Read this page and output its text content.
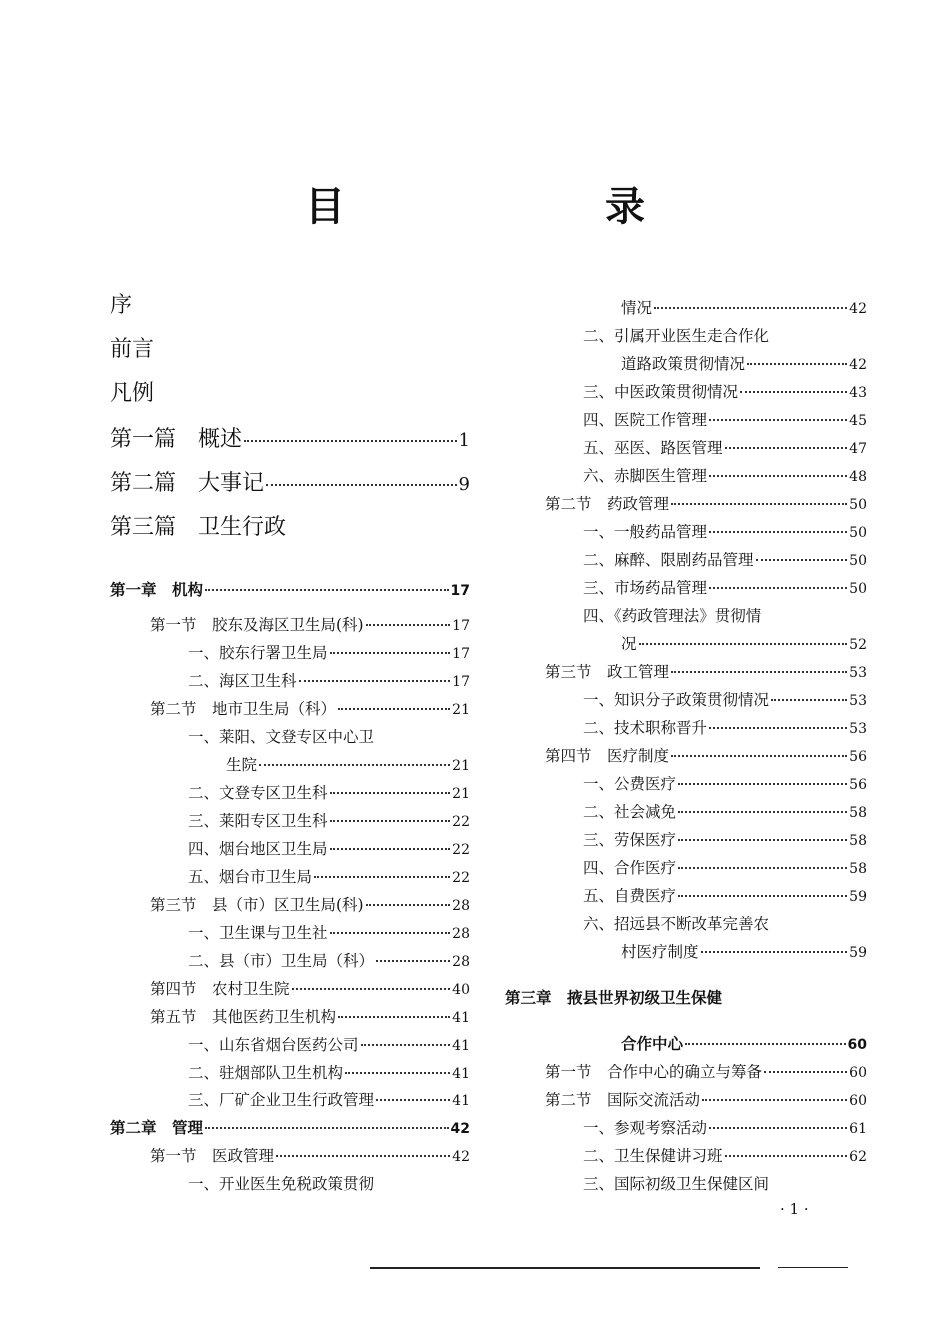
目　录
序
前言
凡例
第一篇　概述	1
第二篇　大事记	9
第三篇　卫生行政
第一章　机构	17
第一节　胶东及海区卫生局(科)	17
一、胶东行署卫生局	17
二、海区卫生科	17
第二节　地市卫生局（科）	21
一、莱阳、文登专区中心卫
生院	21
二、文登专区卫生科	21
三、莱阳专区卫生科	22
四、烟台地区卫生局	22
五、烟台市卫生局	22
第三节　县（市）区卫生局(科)	28
一、卫生课与卫生社	28
二、县（市）卫生局（科）	28
第四节　农村卫生院	40
第五节　其他医药卫生机构	41
一、山东省烟台医药公司	41
二、驻烟部队卫生机构	41
三、厂矿企业卫生行政管理	41
第二章　管理	42
第一节　医政管理	42
一、开业医生免税政策贯彻
情况	42
二、引属开业医生走合作化
道路政策贯彻情况	42
三、中医政策贯彻情况	43
四、医院工作管理	45
五、巫医、路医管理	47
六、赤脚医生管理	48
第二节　药政管理	50
一、一般药品管理	50
二、麻醉、限剧药品管理	50
三、市场药品管理	50
四、《药政管理法》贯彻情
况	52
第三节　政工管理	53
一、知识分子政策贯彻情况	53
二、技术职称晋升	53
第四节　医疗制度	56
一、公费医疗	56
二、社会减免	58
三、劳保医疗	58
四、合作医疗	58
五、自费医疗	59
六、招远县不断改革完善农
村医疗制度	59
第三章　掖县世界初级卫生保健
合作中心	60
第一节　合作中心的确立与筹备	60
第二节　国际交流活动	60
一、参观考察活动	61
二、卫生保健讲习班	62
三、国际初级卫生保健区间
· 1 ·
